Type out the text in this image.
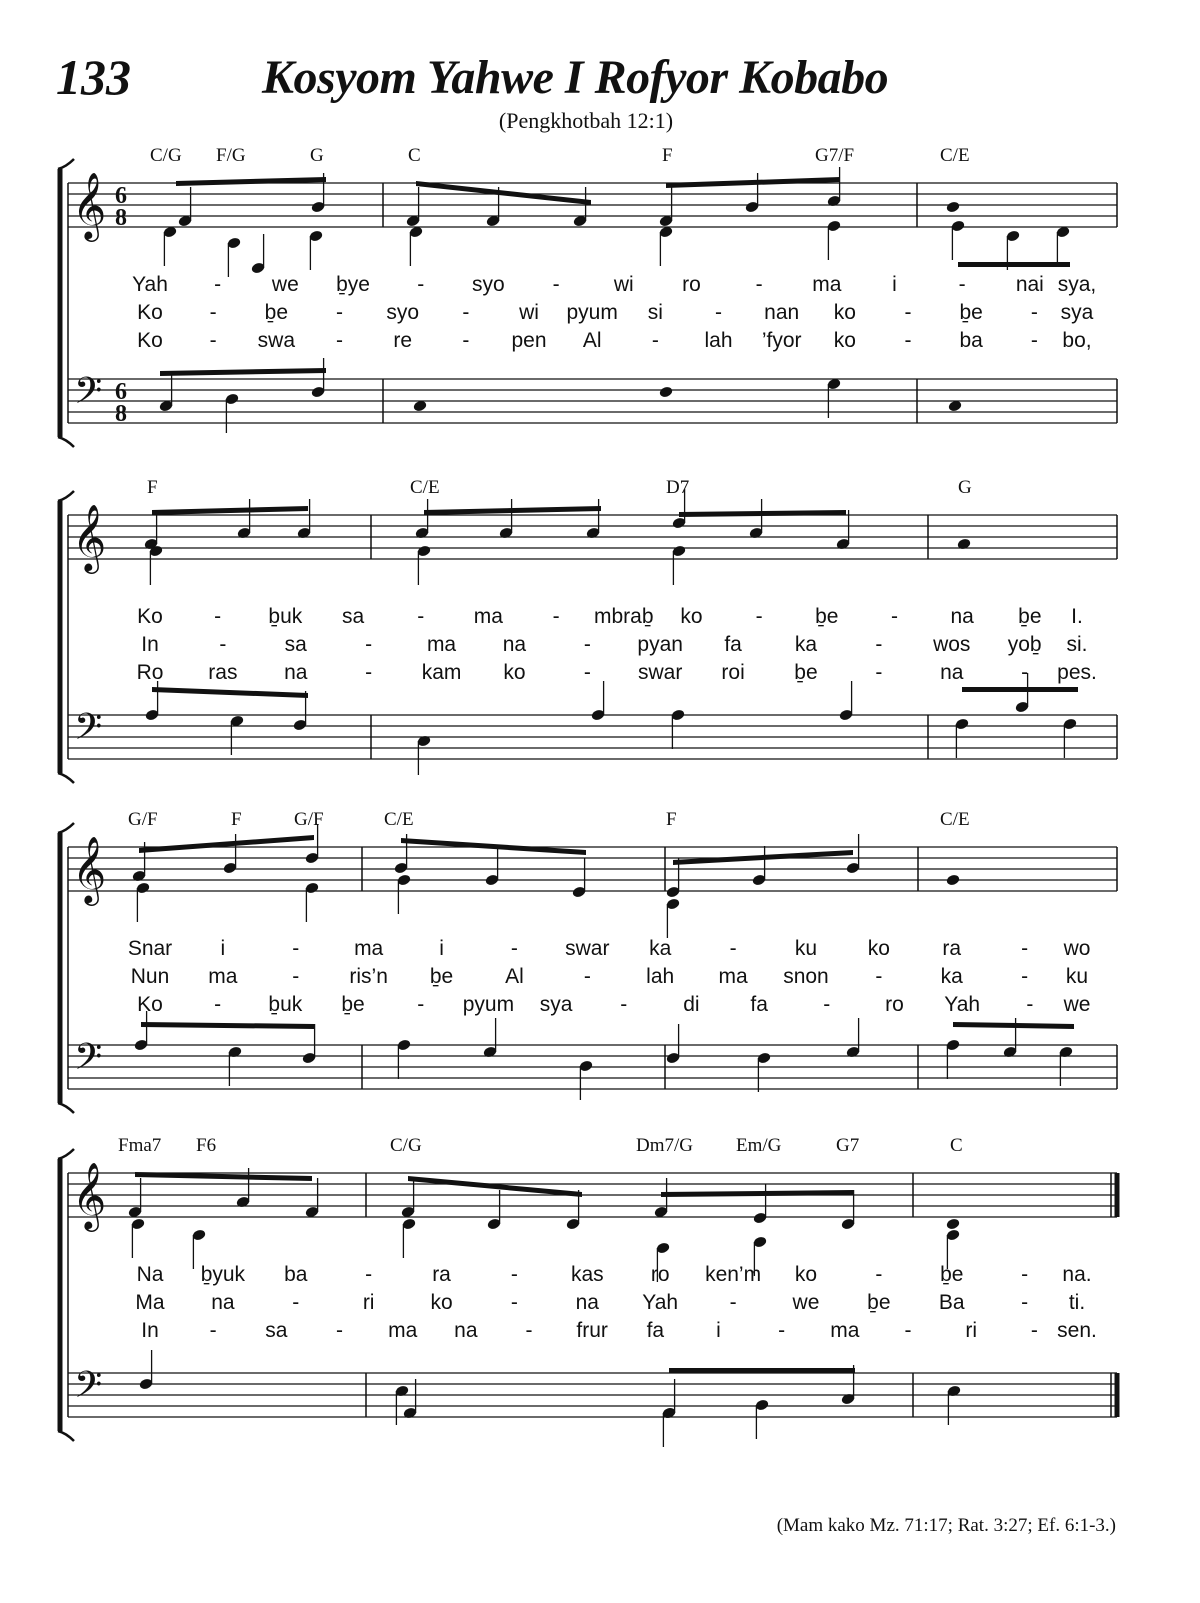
133	Kosyom Yahwe I Rofyor Kobabo
(Pengkhotbah 12:1)
𝄞
𝄢
6
8
6
8
C/G F/G	G	C	F	G7/F	C/E
Yah - we ḇye - syo -	wi ro	- ma i	- nai sya,
Ko - ḇe - syo - wi pyum si - nan ko - ḇe - sya
Ko - swa - re - pen Al - lah ’fyor ko - ba - bo,
𝄞
𝄢
F	C/E	D7	G
Ko - ḇuk sa	- ma - mbraḇ ko	-	ḇe	-	na ḇe I.
In	-	sa	-	ma na	- pyan fa	ka	- wos yoḇ si.
Ro ras na	- kam ko	- swar roi ḇe	-	na	- pes.
𝄞
𝄢
G/F	F	G/F	C/E	F	C/E
Snar i	-	ma	i	- swar ka	-	ku ko ra	- wo
Nun ma	- ris’n ḇe Al	-	lah ma snon -	ka	- ku
Ko - ḇuk ḇe	- pyum sya -	di fa	-	ro Yah - we
𝄞
𝄢
Fma7 F6	C/G	Dm7/G Em/G	G7	C
Na ḇyuk ba	-	ra	-	kas ro ken’m ko	-	ḇe	- na.
Ma na	-	ri	ko	-	na Yah -	we ḇe Ba	- ti.
In - sa - ma na - frur fa i	- ma -	ri	- sen.
(Mam kako Mz. 71:17; Rat. 3:27; Ef. 6:1-3.)
